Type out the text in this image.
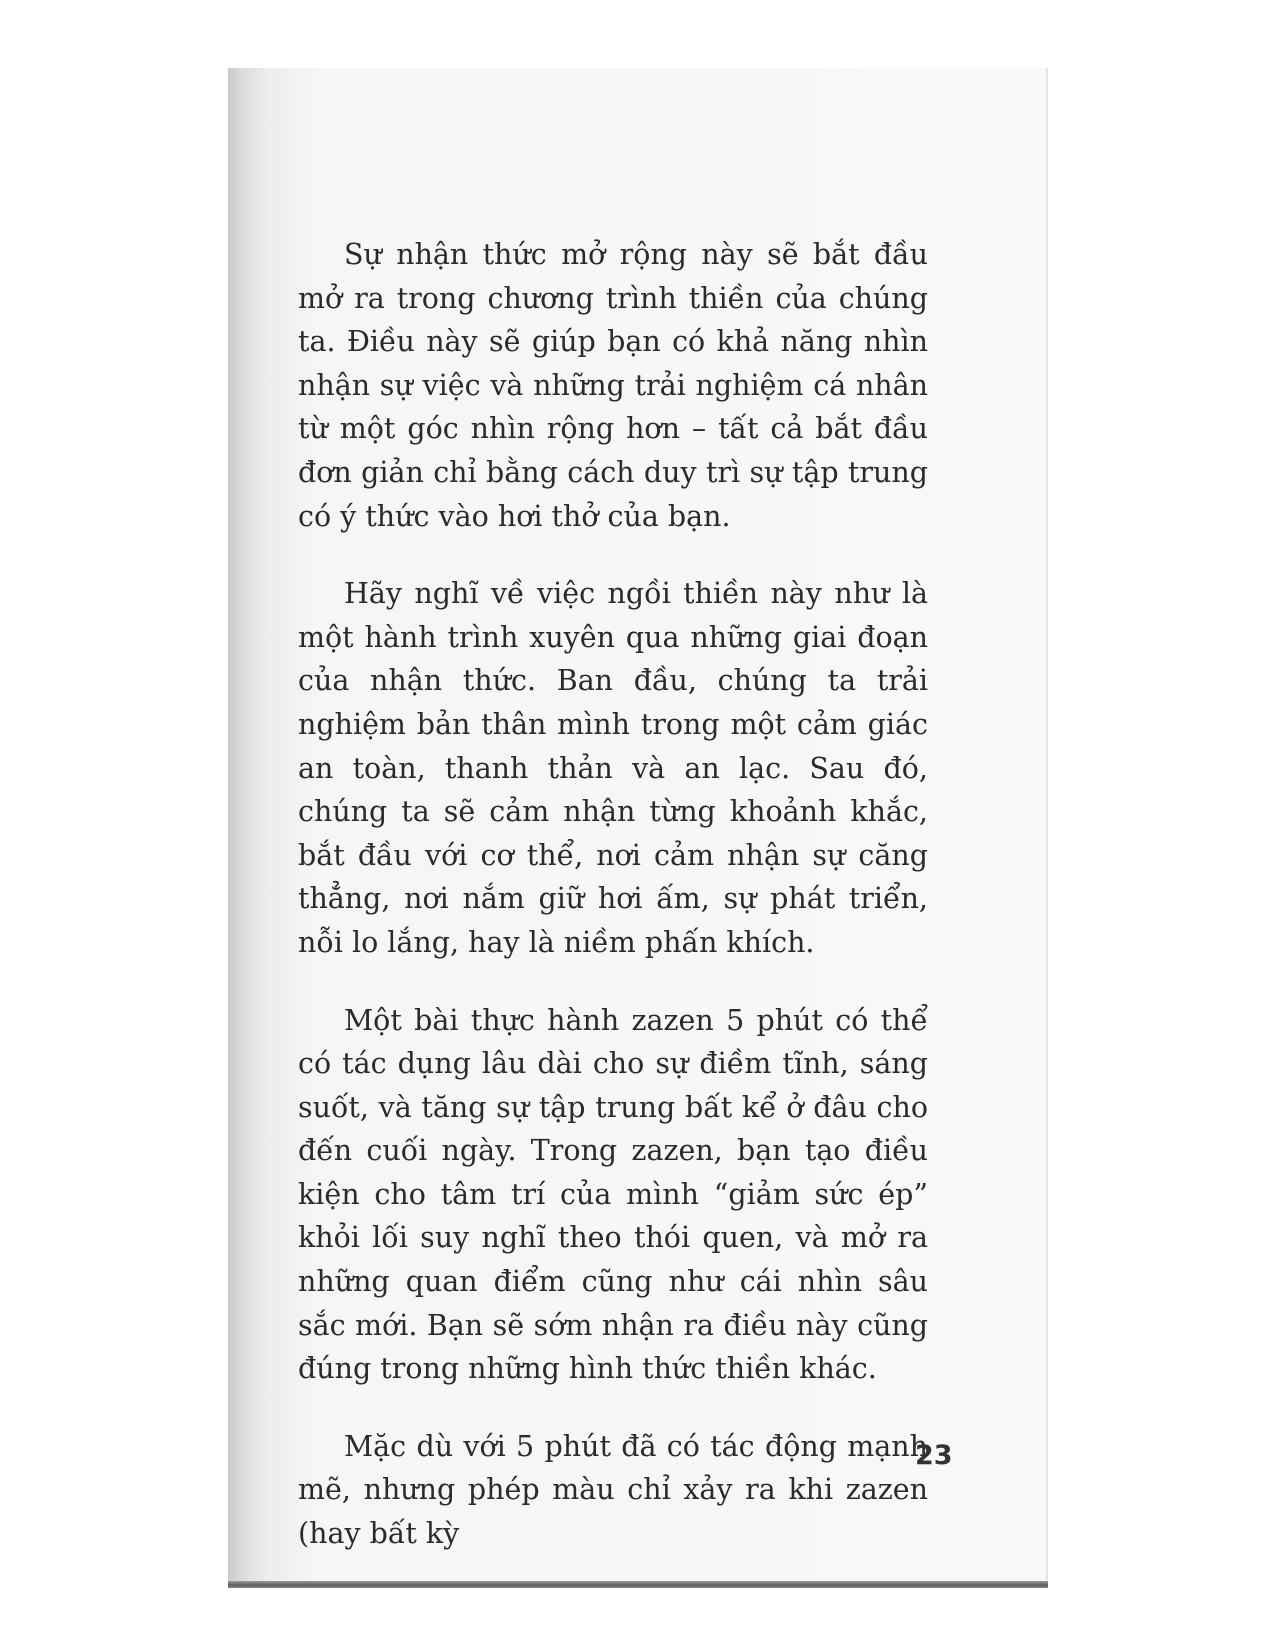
Sự nhận thức mở rộng này sẽ bắt đầu mở ra trong chương trình thiền của chúng ta. Điều này sẽ giúp bạn có khả năng nhìn nhận sự việc và những trải nghiệm cá nhân từ một góc nhìn rộng hơn – tất cả bắt đầu đơn giản chỉ bằng cách duy trì sự tập trung có ý thức vào hơi thở của bạn.

Hãy nghĩ về việc ngồi thiền này như là một hành trình xuyên qua những giai đoạn của nhận thức. Ban đầu, chúng ta trải nghiệm bản thân mình trong một cảm giác an toàn, thanh thản và an lạc. Sau đó, chúng ta sẽ cảm nhận từng khoảnh khắc, bắt đầu với cơ thể, nơi cảm nhận sự căng thẳng, nơi nắm giữ hơi ấm, sự phát triển, nỗi lo lắng, hay là niềm phấn khích.

Một bài thực hành zazen 5 phút có thể có tác dụng lâu dài cho sự điềm tĩnh, sáng suốt, và tăng sự tập trung bất kể ở đâu cho đến cuối ngày. Trong zazen, bạn tạo điều kiện cho tâm trí của mình “giảm sức ép” khỏi lối suy nghĩ theo thói quen, và mở ra những quan điểm cũng như cái nhìn sâu sắc mới. Bạn sẽ sớm nhận ra điều này cũng đúng trong những hình thức thiền khác.

Mặc dù với 5 phút đã có tác động mạnh mẽ, nhưng phép màu chỉ xảy ra khi zazen (hay bất kỳ

23
